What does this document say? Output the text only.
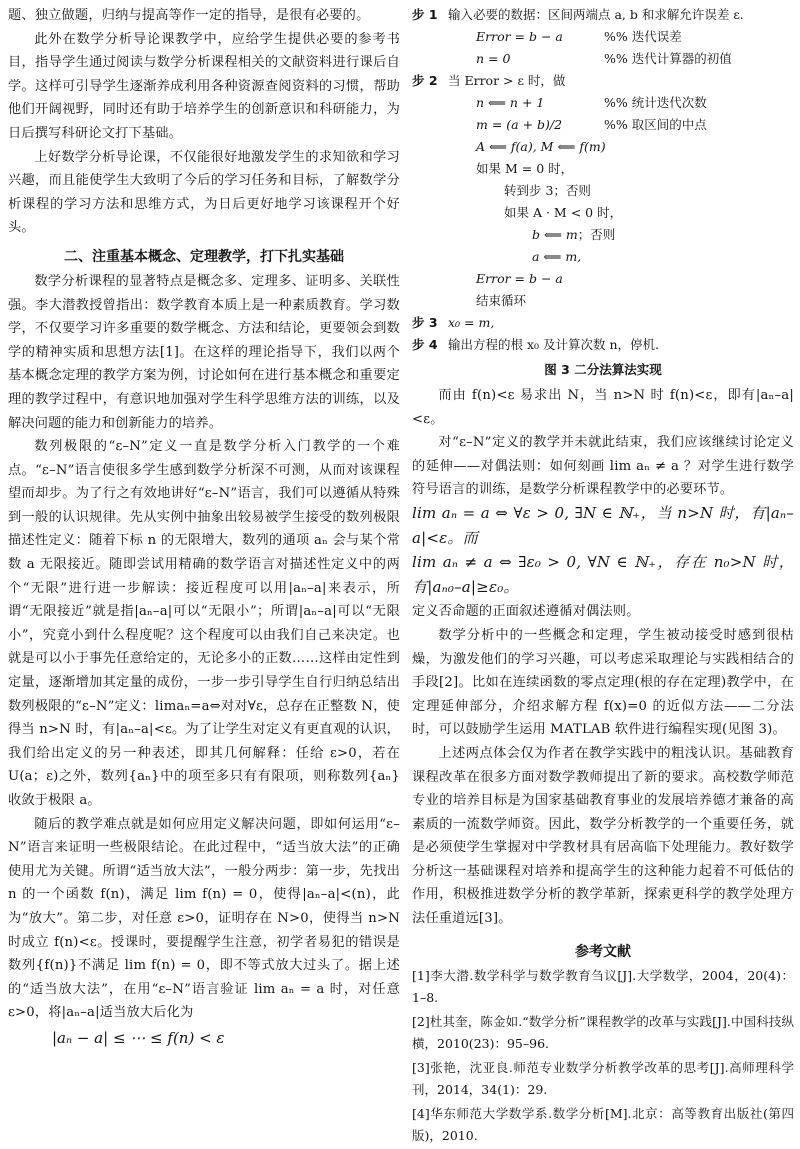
题、独立做题，归纳与提高等作一定的指导，是很有必要的。

此外在数学分析导论课教学中，应给学生提供必要的参考书目，指导学生通过阅读与数学分析课程相关的文献资料进行课后自学。这样可引导学生逐渐养成利用各种资源查阅资料的习惯，帮助他们开阔视野，同时还有助于培养学生的创新意识和科研能力，为日后撰写科研论文打下基础。

上好数学分析导论课，不仅能很好地激发学生的求知欲和学习兴趣，而且能使学生大致明了今后的学习任务和目标，了解数学分析课程的学习方法和思维方式，为日后更好地学习该课程开个好头。

二、注重基本概念、定理教学，打下扎实基础

数学分析课程的显著特点是概念多、定理多、证明多、关联性强。李大潜教授曾指出：数学教育本质上是一种素质教育。学习数学，不仅要学习许多重要的数学概念、方法和结论，更要领会到数学的精神实质和思想方法[1]。在这样的理论指导下，我们以两个基本概念定理的教学方案为例，讨论如何在进行基本概念和重要定理的教学过程中，有意识地加强对学生科学思维方法的训练，以及解决问题的能力和创新能力的培养。

数列极限的“ε–N”定义一直是数学分析入门教学的一个难点。“ε–N”语言使很多学生感到数学分析深不可测，从而对该课程望而却步。为了行之有效地讲好“ε–N”语言，我们可以遵循从特殊到一般的认识规律。先从实例中抽象出较易被学生接受的数列极限描述性定义：随着下标 n 的无限增大，数列的通项 aₙ 会与某个常数 a 无限接近。随即尝试用精确的数学语言对描述性定义中的两个“无限”进行进一步解读：接近程度可以用|aₙ–a|来表示，所谓“无限接近”就是指|aₙ–a|可以“无限小”；所谓|aₙ–a|可以“无限小”，究竟小到什么程度呢？这个程度可以由我们自己来决定。也就是可以小于事先任意给定的，无论多小的正数……这样由定性到定量，逐渐增加其定量的成份，一步一步引导学生自行归纳总结出数列极限的“ε–N”定义：limaₙ=a⇔对对∀ε，总存在正整数 N，使得当 n>N 时，有|aₙ–a|<ε。为了让学生对定义有更直观的认识，我们给出定义的另一种表述，即其几何解释：任给 ε>0，若在 U(a；ε)之外，数列{aₙ}中的项至多只有有限项，则称数列{aₙ}收敛于极限 a。

随后的教学难点就是如何应用定义解决问题，即如何运用“ε–N”语言来证明一些极限结论。在此过程中，“适当放大法”的正确使用尤为关键。所谓“适当放大法”，一般分两步：第一步，先找出 n 的一个函数 f(n)，满足 lim f(n) = 0，使得|aₙ–a|<(n)，此为“放大”。第二步，对任意 ε>0，证明存在 N>0，使得当 n>N 时成立 f(n)<ε。授课时，要提醒学生注意，初学者易犯的错误是数列{f(n)}不满足 lim f(n) = 0，即不等式放大过头了。据上述的“适当放大法”，在用“ε–N”语言验证 lim aₙ = a 时，对任意 ε>0，将|aₙ–a|适当放大后化为

|aₙ − a| ≤ ⋯ ≤ f(n) < ε
步 1 输入必要的数据：区间两端点 a, b 和求解允许误差 ε.
Error = b − a	%% 迭代误差
n = 0	%% 迭代计算器的初值
步 2 当 Error > ε 时，做
n ⟸ n + 1	%% 统计迭代次数
m = (a + b)/2	%% 取区间的中点
A ⟸ f(a), M ⟸ f(m)
如果 M = 0 时，
转到步 3；否则
如果 A · M < 0 时，
b ⟸ m ；否则
a ⟸ m,
Error = b − a
结束循环
步 3 x₀ = m,
步 4 输出方程的根 x₀ 及计算次数 n，停机.
图 3 二分法算法实现

而由 f(n)<ε 易求出 N，当 n>N 时 f(n)<ε，即有|aₙ–a|<ε。

对“ε–N”定义的教学并未就此结束，我们应该继续讨论定义的延伸——对偶法则：如何刻画 lim aₙ ≠ a ？对学生进行数学符号语言的训练，是数学分析课程教学中的必要环节。

lim aₙ = a ⇔ ∀ε > 0, ∃N ∈ ℕ₊，当 n>N 时，有|aₙ–a|<ε。而

lim aₙ ≠ a ⇔ ∃ε₀ > 0, ∀N ∈ ℕ₊，存在 n₀>N 时，有|aₙ₀–a|≥ε₀。

定义否命题的正面叙述遵循对偶法则。

数学分析中的一些概念和定理，学生被动接受时感到很枯燥，为激发他们的学习兴趣，可以考虑采取理论与实践相结合的手段[2]。比如在连续函数的零点定理(根的存在定理)教学中，在定理延伸部分，介绍求解方程 f(x)=0 的近似方法——二分法时，可以鼓励学生运用 MATLAB 软件进行编程实现(见图 3)。

上述两点体会仅为作者在教学实践中的粗浅认识。基础教育课程改革在很多方面对数学教师提出了新的要求。高校数学师范专业的培养目标是为国家基础教育事业的发展培养德才兼备的高素质的一流数学师资。因此，数学分析教学的一个重要任务，就是必须使学生掌握对中学教材具有居高临下处理能力。教好数学分析这一基础课程对培养和提高学生的这种能力起着不可低估的作用，积极推进数学分析的教学革新，探索更科学的教学处理方法任重道远[3]。

参考文献

[1]李大潜.数学科学与数学教育刍议[J].大学数学，2004，20(4)：1–8.

[2]杜其奎，陈金如.“数学分析”课程教学的改革与实践[J].中国科技纵横，2010(23)：95–96.

[3]张艳，沈亚良.师范专业数学分析教学改革的思考[J].高师理科学刊，2014，34(1)：29.

[4]华东师范大学数学系.数学分析[M].北京：高等教育出版社(第四版)，2010.
